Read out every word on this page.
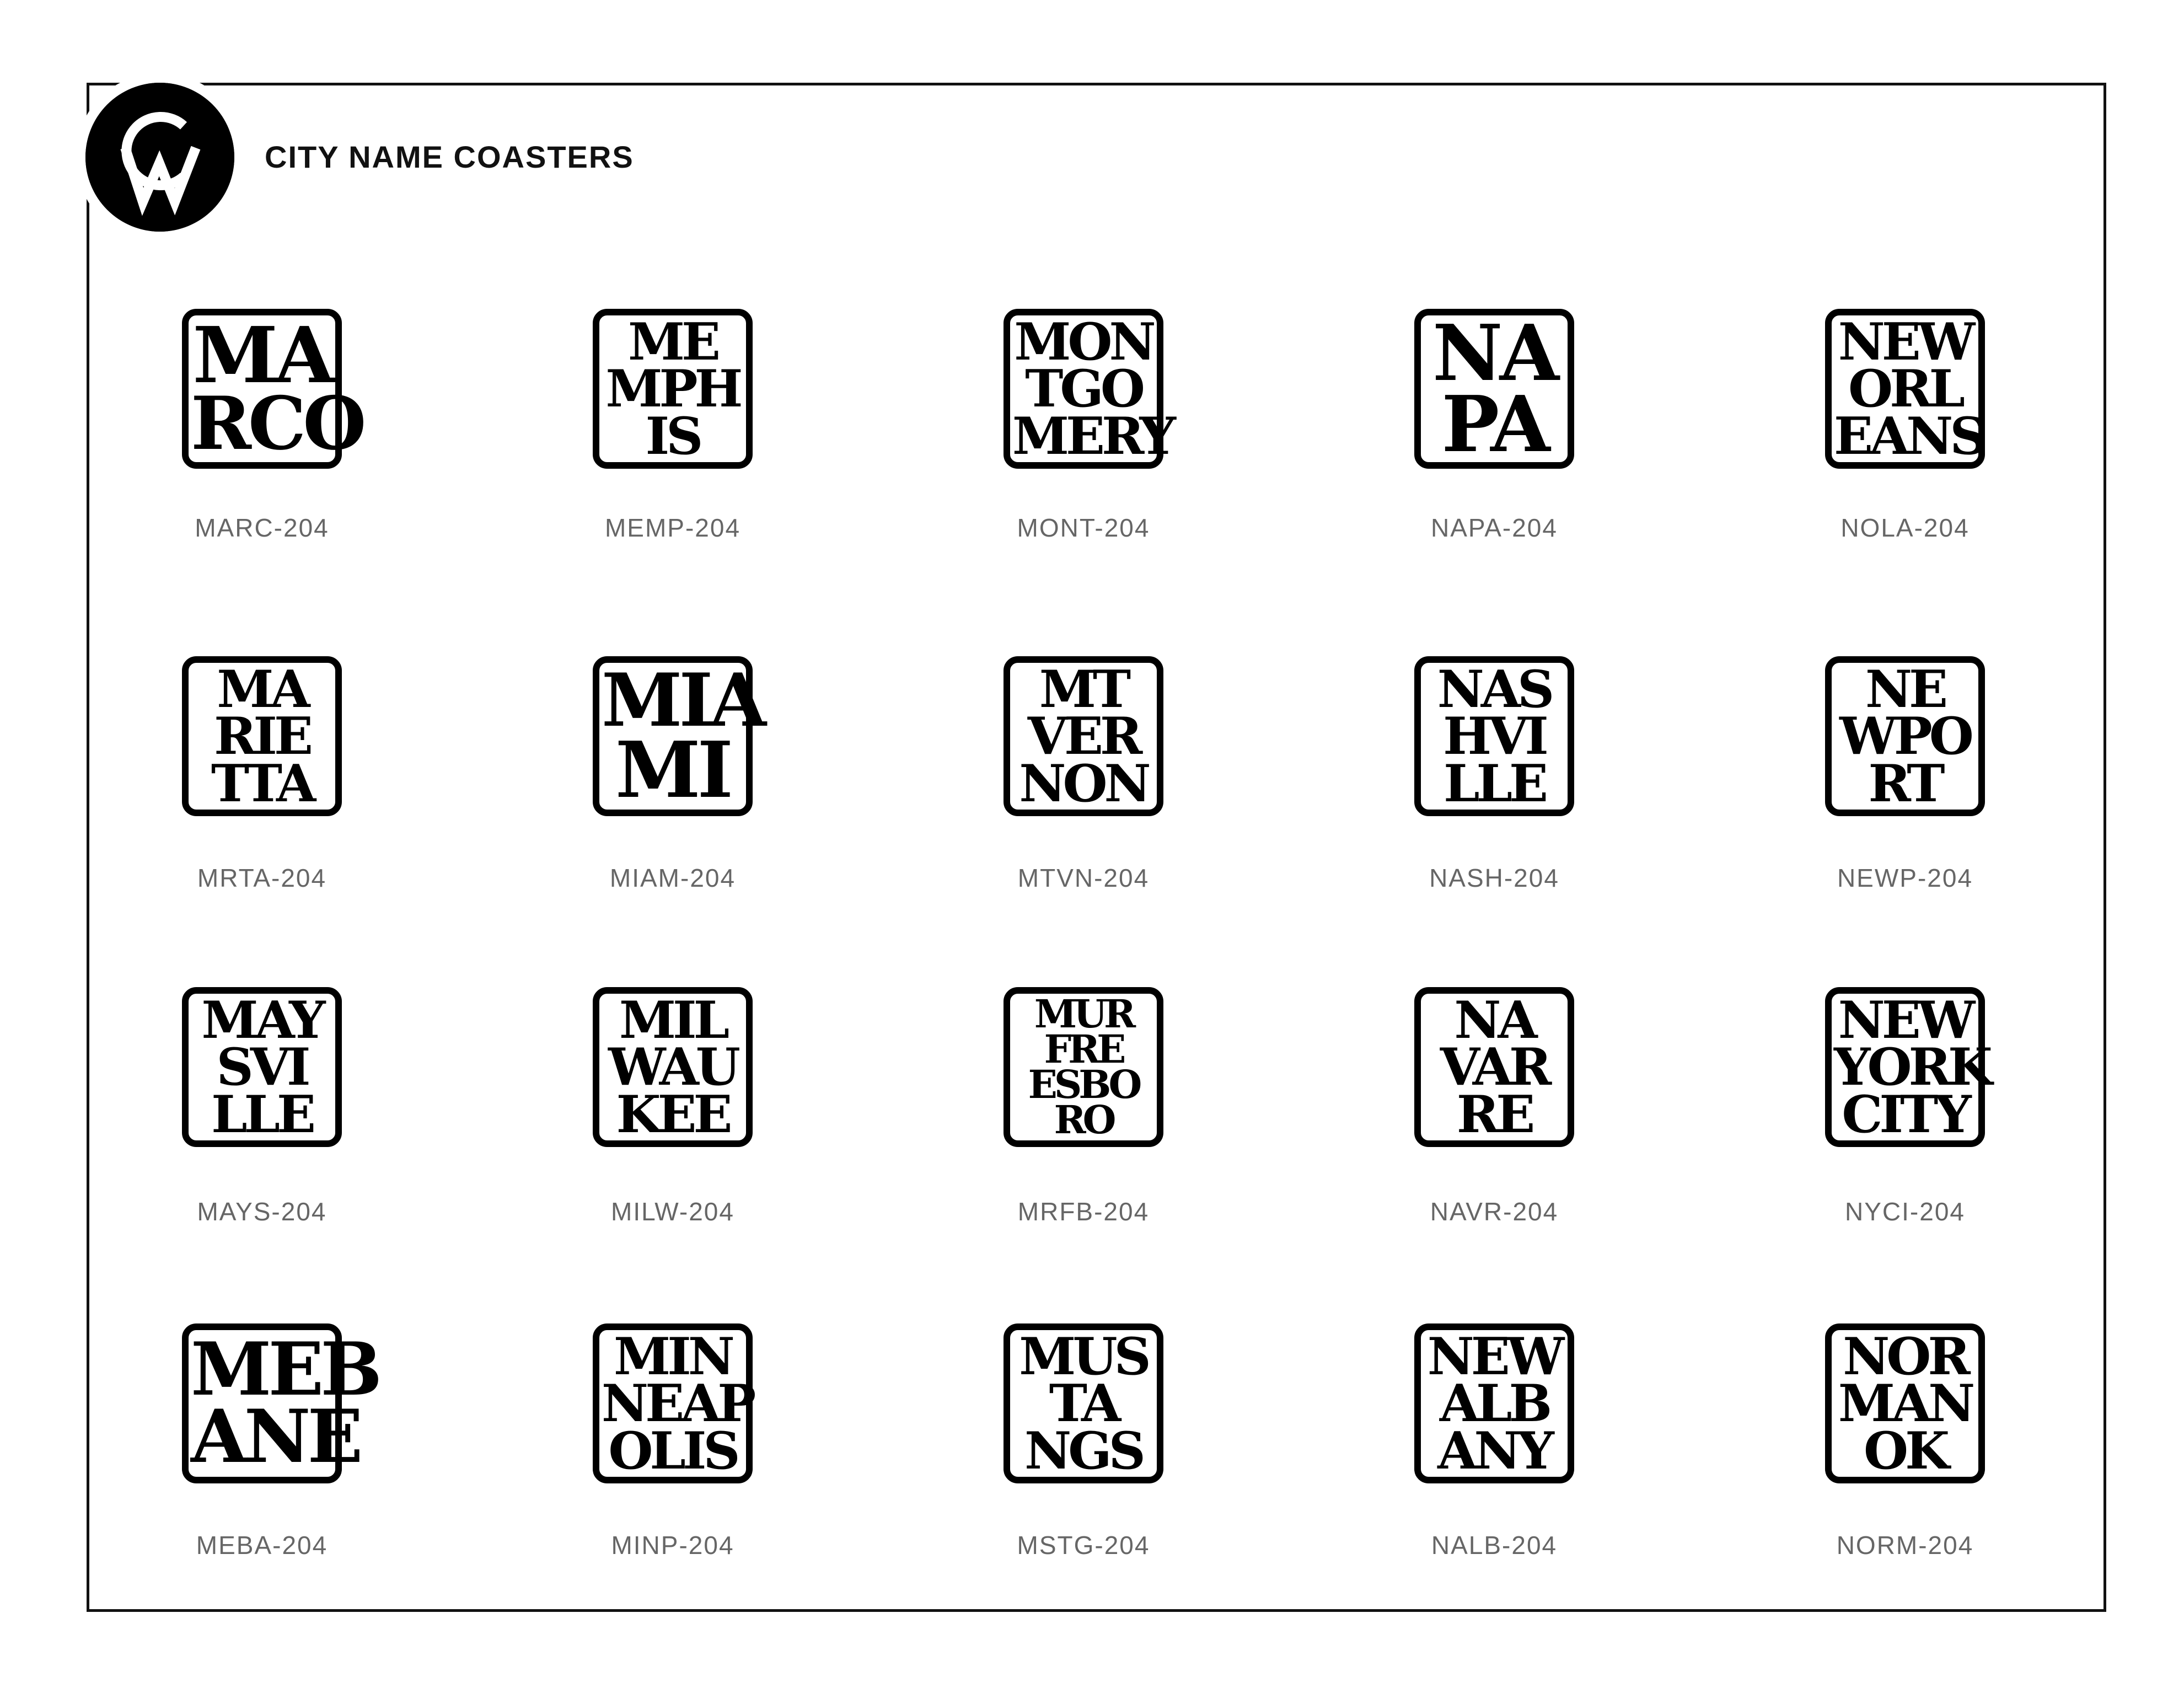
CITY NAME COASTERS
MA
RCO
MARC-204
ME
MPH
IS
MEMP-204
MON
TGO
MERY
MONT-204
NA
PA
NAPA-204
NEW
ORL
EANS
NOLA-204
MA
RIE
TTA
MRTA-204
MIA
MI
MIAM-204
MT
VER
NON
MTVN-204
NAS
HVI
LLE
NASH-204
NE
WPO
RT
NEWP-204
MAY
SVI
LLE
MAYS-204
MIL
WAU
KEE
MILW-204
MUR
FRE
ESBO
RO
MRFB-204
NA
VAR
RE
NAVR-204
NEW
YORK
CITY
NYCI-204
MEB
ANE
MEBA-204
MIN
NEAP
OLIS
MINP-204
MUS
TA
NGS
MSTG-204
NEW
ALB
ANY
NALB-204
NOR
MAN
OK
NORM-204
